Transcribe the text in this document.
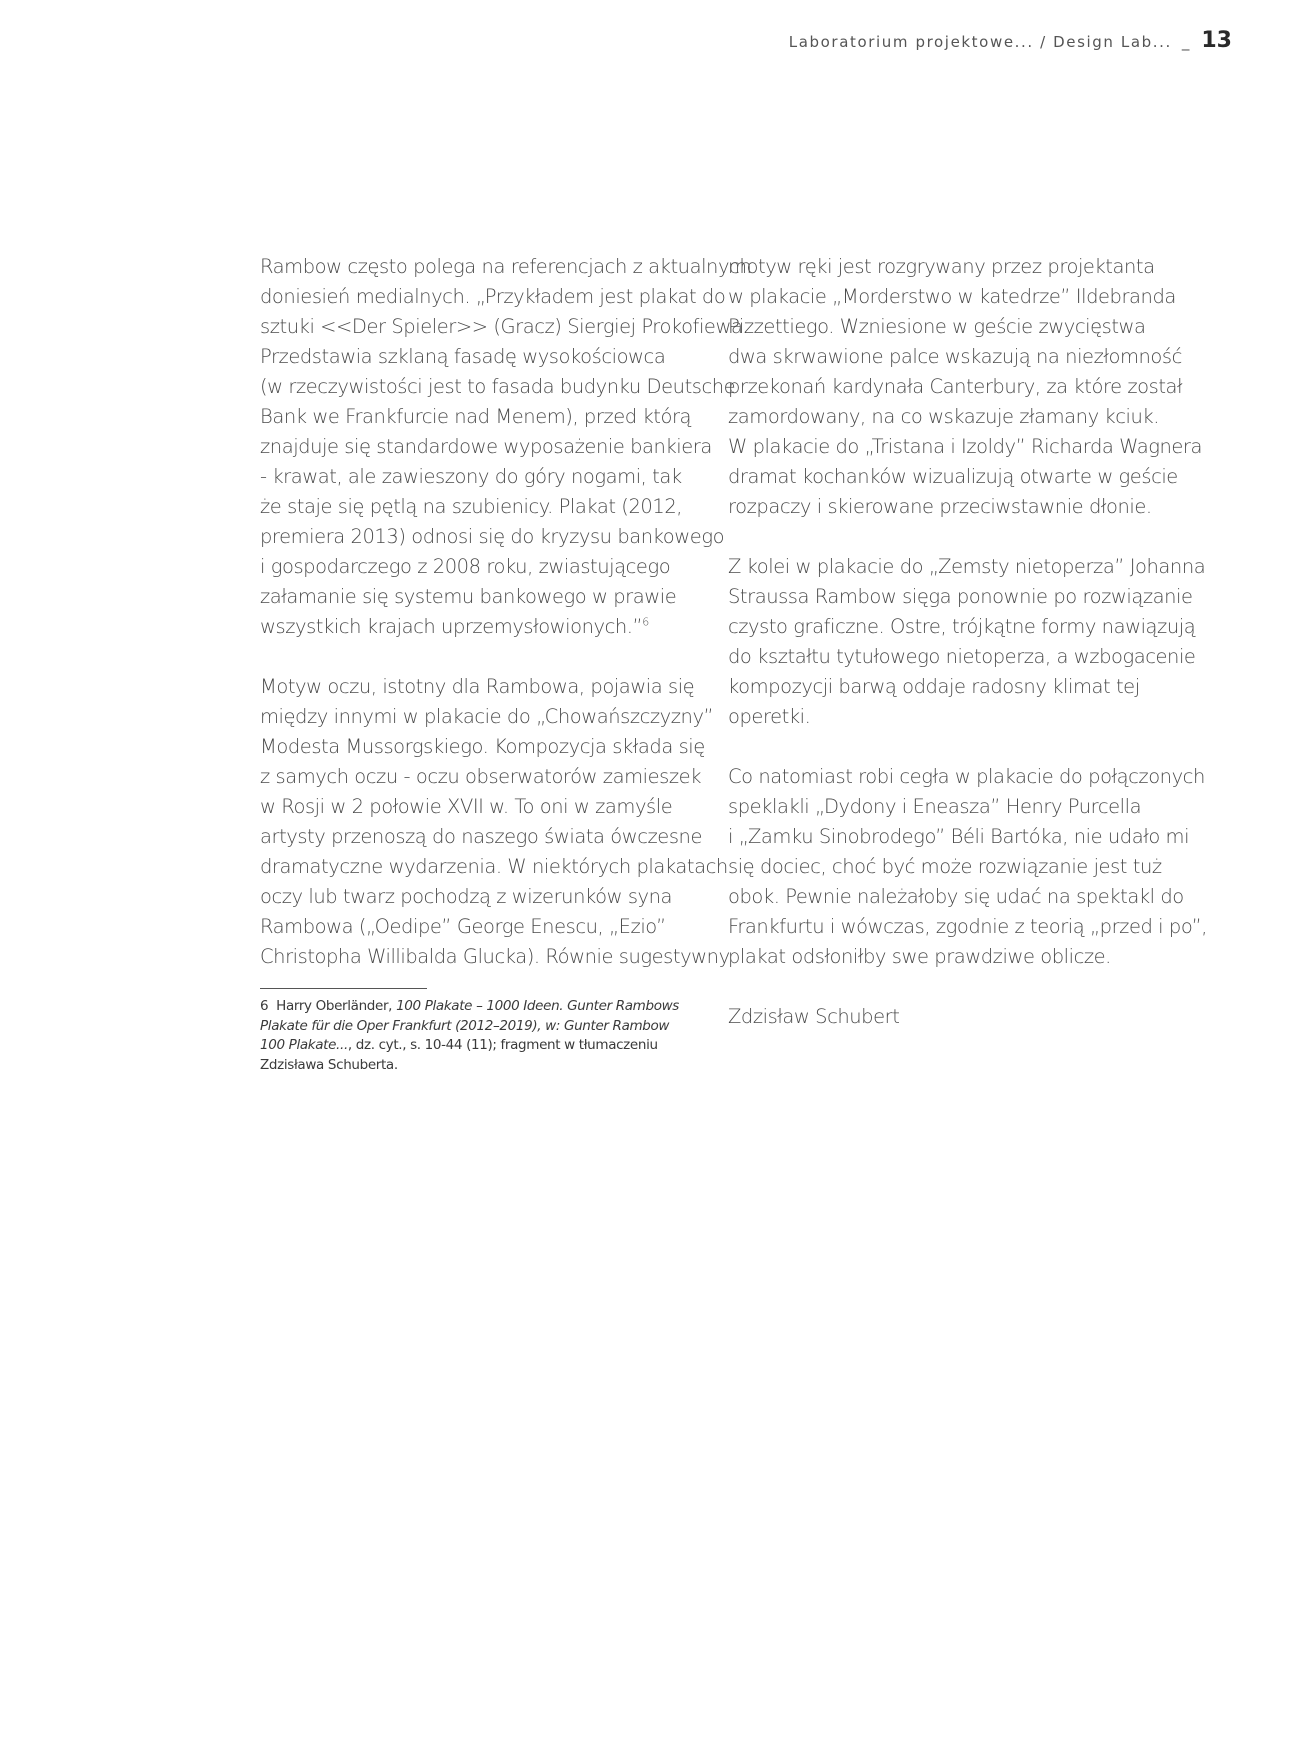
Laboratorium projektowe... / Design Lab... _ 13
Rambow często polega na referencjach z aktualnych
doniesień medialnych. „Przykładem jest plakat do
sztuki <<Der Spieler>> (Gracz) Siergiej Prokofiewa.
Przedstawia szklaną fasadę wysokościowca
(w rzeczywistości jest to fasada budynku Deutsche
Bank we Frankfurcie nad Menem), przed którą
znajduje się standardowe wyposażenie bankiera
- krawat, ale zawieszony do góry nogami, tak
że staje się pętlą na szubienicy. Plakat (2012,
premiera 2013) odnosi się do kryzysu bankowego
i gospodarczego z 2008 roku, zwiastującego
załamanie się systemu bankowego w prawie
wszystkich krajach uprzemysłowionych.”$^6$
Motyw oczu, istotny dla Rambowa, pojawia się
między innymi w plakacie do „Chowańszczyzny”
Modesta Mussorgskiego. Kompozycja składa się
z samych oczu - oczu obserwatorów zamieszek
w Rosji w 2 połowie XVII w. To oni w zamyśle
artysty przenoszą do naszego świata ówczesne
dramatyczne wydarzenia. W niektórych plakatach
oczy lub twarz pochodzą z wizerunków syna
Rambowa („Oedipe” George Enescu, „Ezio”
Christopha Willibalda Glucka). Równie sugestywny
motyw ręki jest rozgrywany przez projektanta
w plakacie „Morderstwo w katedrze” Ildebranda
Pizzettiego. Wzniesione w geście zwycięstwa
dwa skrwawione palce wskazują na niezłomność
przekonań kardynała Canterbury, za które został
zamordowany, na co wskazuje złamany kciuk.
W plakacie do „Tristana i Izoldy” Richarda Wagnera
dramat kochanków wizualizują otwarte w geście
rozpaczy i skierowane przeciwstawnie dłonie.
Z kolei w plakacie do „Zemsty nietoperza” Johanna
Straussa Rambow sięga ponownie po rozwiązanie
czysto graficzne. Ostre, trójkątne formy nawiązują
do kształtu tytułowego nietoperza, a wzbogacenie
kompozycji barwą oddaje radosny klimat tej
operetki.
Co natomiast robi cegła w plakacie do połączonych
speklakli „Dydony i Eneasza” Henry Purcella
i „Zamku Sinobrodego” Béli Bartóka, nie udało mi
się dociec, choć być może rozwiązanie jest tuż
obok. Pewnie należałoby się udać na spektakl do
Frankfurtu i wówczas, zgodnie z teorią „przed i po”,
plakat odsłoniłby swe prawdziwe oblicze.
Zdzisław Schubert
6 Harry Oberländer, 100 Plakate – 1000 Ideen. Gunter Rambows
Plakate für die Oper Frankfurt (2012–2019), w: Gunter Rambow
100 Plakate..., dz. cyt., s. 10-44 (11); fragment w tłumaczeniu
Zdzisława Schuberta.
